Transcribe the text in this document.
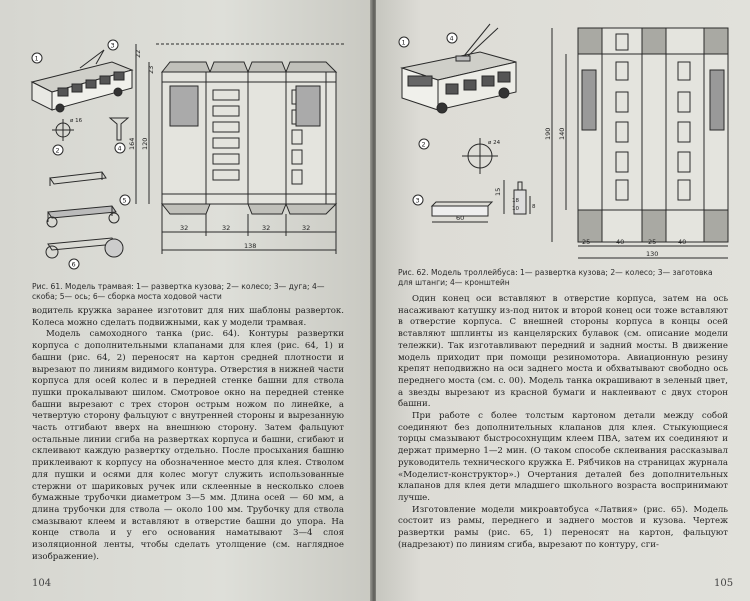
1
2
3
4
5
6
ø 16
22
23
120
164
32	32	32	32
138
Рис. 61. Модель трамвая: 1— развертка кузова; 2— колесо; 3— дуга; 4— скоба; 5— ось; 6— сборка моста ходовой части

водитель кружка заранее изготовит для них шаблоны разверток. Колеса можно сделать подвижными, как у модели трамвая.

Модель самоходного танка (рис. 64). Контуры развертки корпуса с дополнительными клапанами для клея (рис. 64, 1) и башни (рис. 64, 2) переносят на картон средней плотности и вырезают по линиям видимого контура. Отверстия в нижней части корпуса для осей колес и в передней стенке башни для ствола пушки прокалывают шилом. Смотровое окно на передней стенке башни вырезают с трех сторон острым ножом по линейке, а четвертую сторону фальцуют с внутренней стороны и вырезанную часть отгибают вверх на внешнюю сторону. Затем фальцуют остальные линии сгиба на развертках корпуса и башни, сгибают и склеивают каждую развертку отдельно. После просыхания башню приклеивают к корпусу на обозначенное место для клея. Стволом для пушки и осями для колес могут служить использованные стержни от шариковых ручек или склеенные в несколько слоев бумажные трубочки диаметром 3—5 мм. Длина осей — 60 мм, а длина трубочки для ствола — около 100 мм. Трубочку для ствола смазывают клеем и вставляют в отверстие башни до упора. На конце ствола и у его основания наматывают 3—4 слоя изоляционной ленты, чтобы сделать утолщение (см. нагляднoe изображение).

104
1
2
3
4
ø 24
190 140
15
10
18
8
25	40	25	40
130
60
Рис. 62. Модель троллейбуса: 1— развертка кузова; 2— колесо; 3— заготовка для штанги; 4— кронштейн

Один конец оси вставляют в отверстие корпуса, затем на ось насаживают катушку из-под ниток и второй конец оси тоже вставляют в отверстие корпуса. С внешней стороны корпуса в концы осей вставляют шплинты из канцелярских булавок (см. описание модели тележки). Так изготавливают передний и задний мосты. В движение модель приходит при помощи резиномотора. Авиационную резину крепят неподвижно на оси заднего моста и обхватывают свободно ось переднего моста (см. с. 00). Модель танка окрашивают в зеленый цвет, а звезды вырезают из красной бумаги и наклеивают с двух сторон башни.

При работе с более толстым картоном детали между собой соединяют без дополнительных клапанов для клея. Стыкующиеся торцы смазывают быстросохнущим клеем ПВА, затем их соединяют и держат примерно 1—2 мин. (О таком способе склеивания рассказывал руководитель технического кружка Е. Рябчиков на страницах журнала «Моделист-конструктор».) Очертания деталей без дополнительных клапанов для клея дети младшего школьного возраста воспринимают лучше.

Изготовление модели микроавтобуса «Латвия» (рис. 65). Модель состоит из рамы, переднего и заднего мостов и кузова. Чертеж развертки рамы (рис. 65, 1) переносят на картон, фальцуют (надрезают) по линиям сгиба, вырезают по контуру, сги-

105
